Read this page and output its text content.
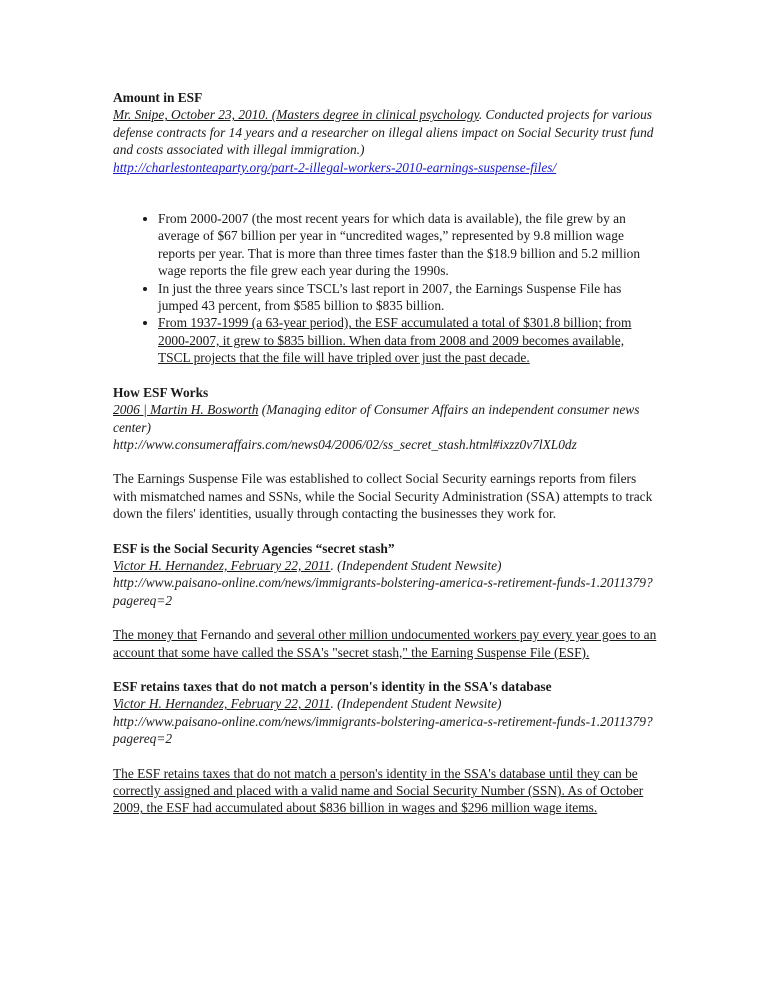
Amount in ESF

Mr. Snipe, October 23, 2010. (Masters degree in clinical psychology. Conducted projects for various defense contracts for 14 years and a researcher on illegal aliens impact on Social Security trust fund and costs associated with illegal immigration.)

http://charlestonteaparty.org/part-2-illegal-workers-2010-earnings-suspense-files/

• From 2000-2007 (the most recent years for which data is available), the file grew by an average of $67 billion per year in “uncredited wages,” represented by 9.8 million wage reports per year. That is more than three times faster than the $18.9 billion and 5.2 million wage reports the file grew each year during the 1990s.
• In just the three years since TSCL’s last report in 2007, the Earnings Suspense File has jumped 43 percent, from $585 billion to $835 billion.
• From 1937-1999 (a 63-year period), the ESF accumulated a total of $301.8 billion; from 2000-2007, it grew to $835 billion. When data from 2008 and 2009 becomes available, TSCL projects that the file will have tripled over just the past decade.
How ESF Works

2006 | Martin H. Bosworth (Managing editor of Consumer Affairs an independent consumer news center)

http://www.consumeraffairs.com/news04/2006/02/ss_secret_stash.html#ixzz0v7lXL0dz

The Earnings Suspense File was established to collect Social Security earnings reports from filers with mismatched names and SSNs, while the Social Security Administration (SSA) attempts to track down the filers' identities, usually through contacting the businesses they work for.

ESF is the Social Security Agencies “secret stash”

Victor H. Hernandez, February 22, 2011. (Independent Student Newsite)

http://www.paisano-online.com/news/immigrants-bolstering-america-s-retirement-funds-1.2011379?pagereq=2

The money that Fernando and several other million undocumented workers pay every year goes to an account that some have called the SSA's "secret stash," the Earning Suspense File (ESF).

ESF retains taxes that do not match a person's identity in the SSA's database

Victor H. Hernandez, February 22, 2011. (Independent Student Newsite)

http://www.paisano-online.com/news/immigrants-bolstering-america-s-retirement-funds-1.2011379?pagereq=2

The ESF retains taxes that do not match a person's identity in the SSA's database until they can be correctly assigned and placed with a valid name and Social Security Number (SSN). As of October 2009, the ESF had accumulated about $836 billion in wages and $296 million wage items.
